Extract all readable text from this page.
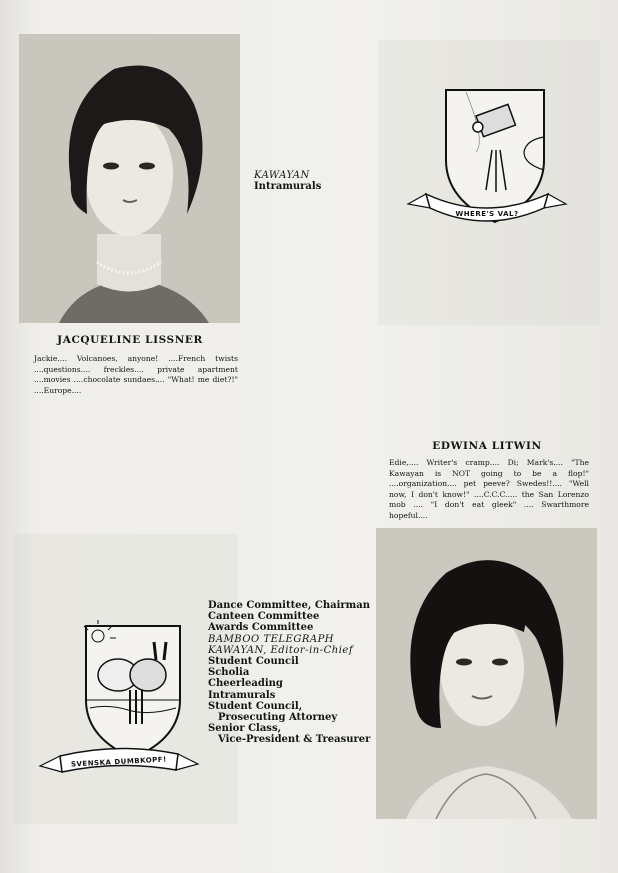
KAWAYAN
Intramurals
WHERE'S VAL?

JACQUELINE LISSNER

Jackie.... Volcanoes, anyone! ....French twists ....questions.... freckles.... private apartment ....movies ....chocolate sundaes.... "What! me diet?!" ....Europe....

EDWINA LITWIN

Edie,.... Writer's cramp.... Di; Mark's.... "The Kawayan is NOT going to be a flop!" ....organization.... pet peeve? Swedes!!.... "Well now, I don't know!" ....C.C.C..... the San Lorenzo mob .... "I don't eat gleek" .... Swarthmore hopeful....

SVENSKA DUMBKOPF!
Dance Committee, Chairman
Canteen Committee
Awards Committee
BAMBOO TELEGRAPH
KAWAYAN, Editor-in-Chief
Student Council
Scholia
Cheerleading
Intramurals
Student Council,
Prosecuting Attorney
Senior Class,
Vice-President & Treasurer
